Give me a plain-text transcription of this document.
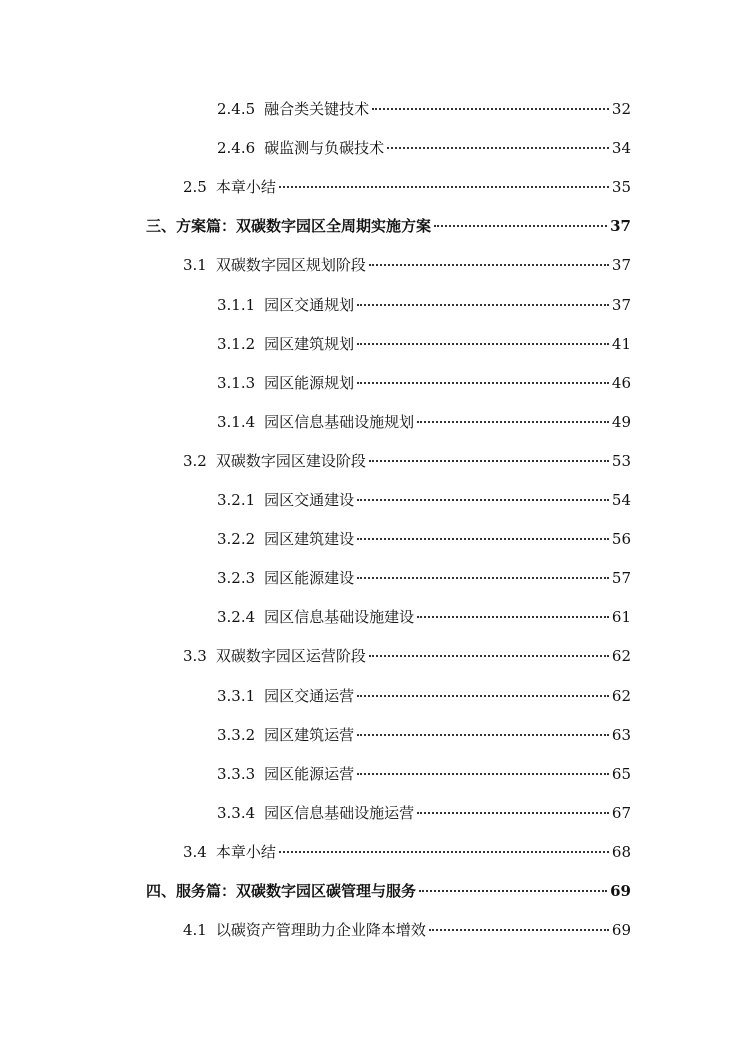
2.4.5 融合类关键技术	32
2.4.6 碳监测与负碳技术	34
2.5 本章小结	35
三、 方案篇：双碳数字园区全周期实施方案	37
3.1 双碳数字园区规划阶段	37
3.1.1 园区交通规划	37
3.1.2 园区建筑规划	41
3.1.3 园区能源规划	46
3.1.4 园区信息基础设施规划	49
3.2 双碳数字园区建设阶段	53
3.2.1 园区交通建设	54
3.2.2 园区建筑建设	56
3.2.3 园区能源建设	57
3.2.4 园区信息基础设施建设	61
3.3 双碳数字园区运营阶段	62
3.3.1 园区交通运营	62
3.3.2 园区建筑运营	63
3.3.3 园区能源运营	65
3.3.4 园区信息基础设施运营	67
3.4 本章小结	68
四、 服务篇：双碳数字园区碳管理与服务	69
4.1 以碳资产管理助力企业降本增效	69
